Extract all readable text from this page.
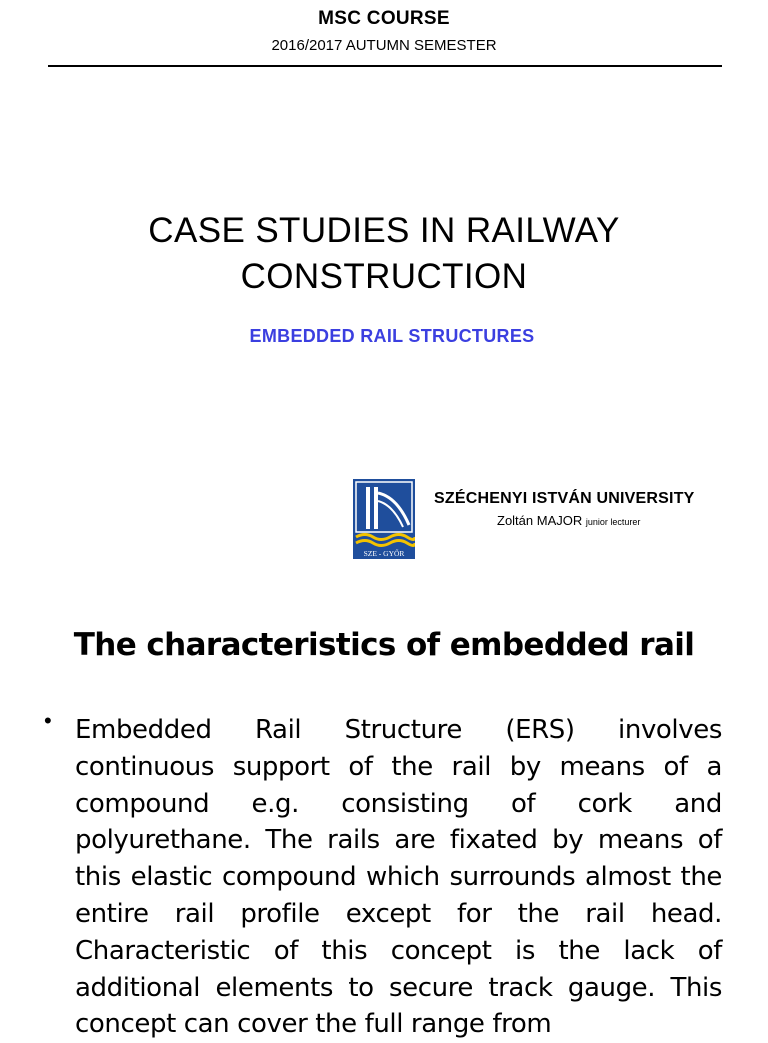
MSC COURSE
2016/2017 AUTUMN SEMESTER
CASE STUDIES IN RAILWAY
CONSTRUCTION
EMBEDDED RAIL STRUCTURES
SZE - GYŐR
SZÉCHENYI ISTVÁN UNIVERSITY
Zoltán MAJOR junior lecturer
The characteristics of embedded rail
• Embedded Rail Structure (ERS) involves continuous support of the rail by means of a compound e.g. consisting of cork and polyurethane. The rails are fixated by means of this elastic compound which surrounds almost the entire rail profile except for the rail head. Characteristic of this concept is the lack of additional elements to secure track gauge. This concept can cover the full range from
